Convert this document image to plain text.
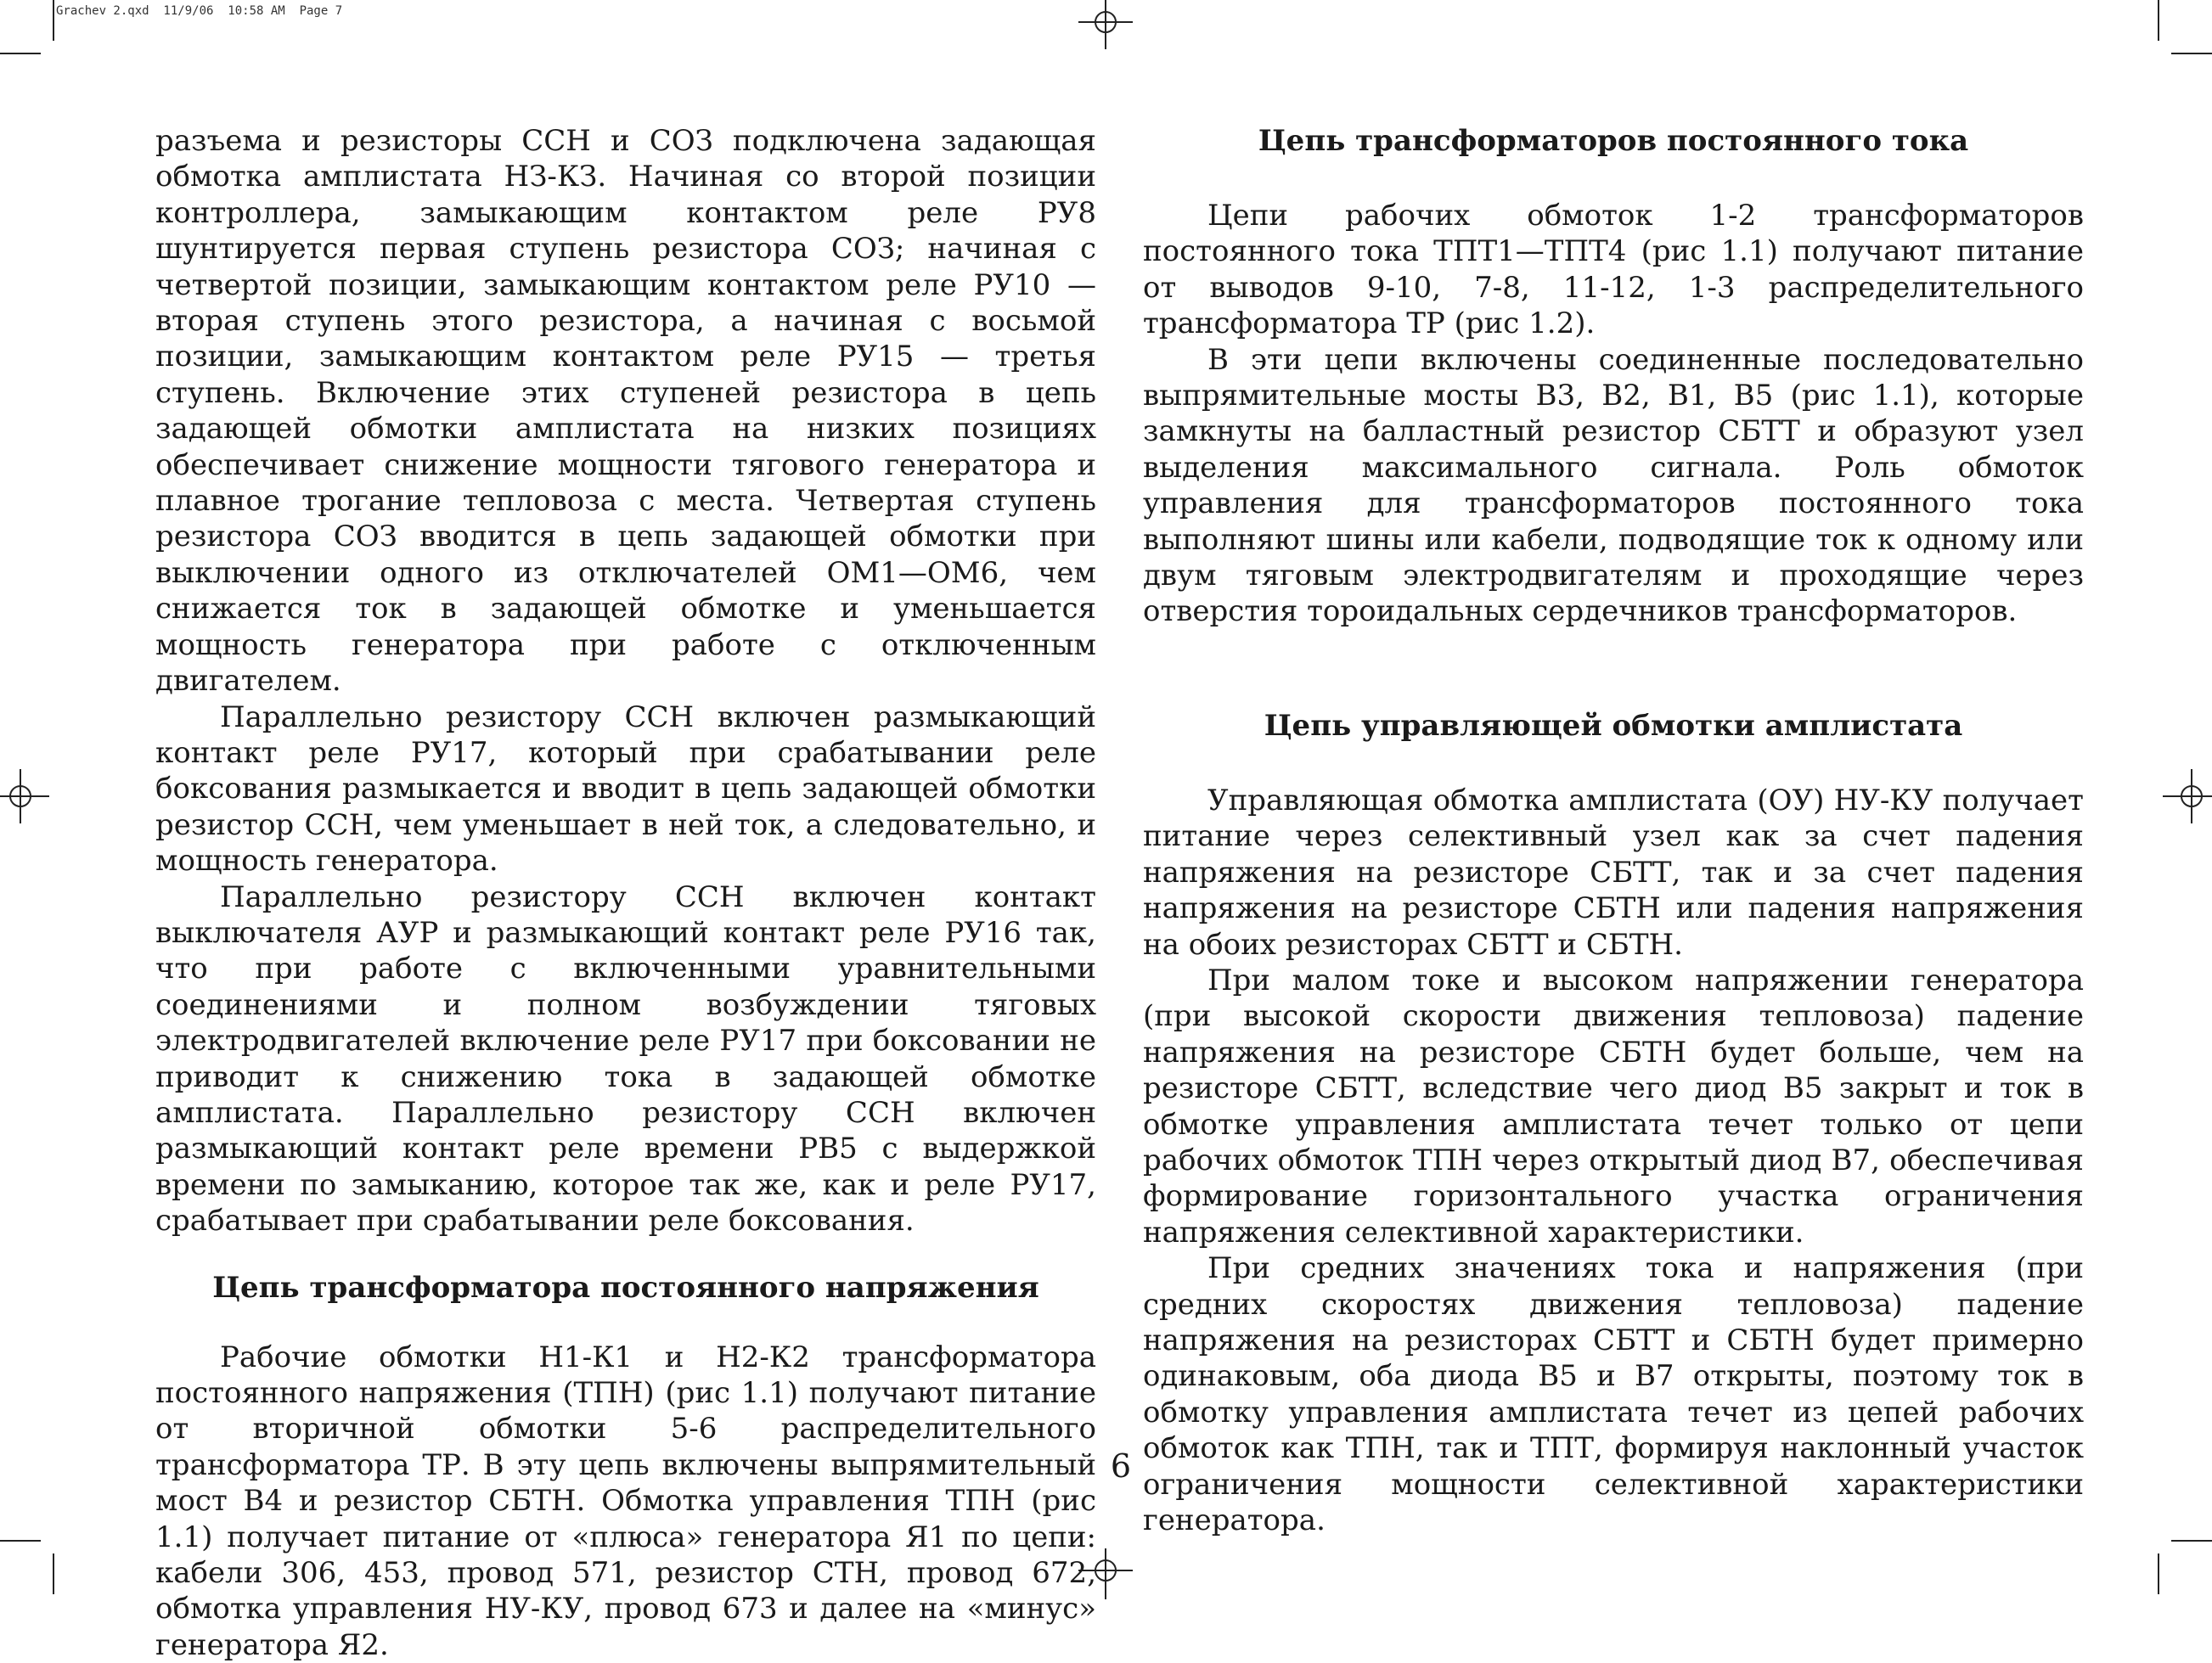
Grachev 2.qxd  11/9/06  10:58 AM  Page 7

разъема и резисторы ССН и СОЗ подключена задающая обмотка амплистата НЗ-КЗ. Начиная со второй позиции контроллера, замыкающим контактом реле РУ8 шунтируется первая ступень резистора СОЗ; начиная с четвертой позиции, замыкающим контактом реле РУ10 — вторая ступень этого резистора, а начиная с восьмой позиции, замыкающим контактом реле РУ15 — третья ступень. Включение этих ступеней резистора в цепь задающей обмотки амплистата на низких позициях обеспечивает снижение мощности тягового генератора и плавное трогание тепловоза с места. Четвертая ступень резистора СОЗ вводится в цепь задающей обмотки при выключении одного из отключателей ОМ1—ОМ6, чем снижается ток в задающей обмотке и уменьшается мощность генератора при работе с отключенным двигателем.

Параллельно резистору ССН включен размыкающий контакт реле РУ17, который при срабатывании реле боксования размыкается и вводит в цепь задающей обмотки резистор ССН, чем уменьшает в ней ток, а следовательно, и мощность генератора.

Параллельно резистору ССН включен контакт выключателя АУР и размыкающий контакт реле РУ16 так, что при работе с включенными уравнительными соединениями и полном возбуждении тяговых электродвигателей включение реле РУ17 при боксовании не приводит к снижению тока в задающей обмотке амплистата. Параллельно резистору ССН включен размыкающий контакт реле времени РВ5 с выдержкой времени по замыканию, которое так же, как и реле РУ17, срабатывает при срабатывании реле боксования.

Цепь трансформатора постоянного напряжения

Рабочие обмотки Н1-К1 и Н2-К2 трансформатора постоянного напряжения (ТПН) (рис 1.1) получают питание от вторичной обмотки 5-6 распределительного трансформатора ТР. В эту цепь включены выпрямительный мост В4 и резистор СБТН. Обмотка управления ТПН (рис 1.1) получает питание от «плюса» генератора Я1 по цепи: кабели 306, 453, провод 571, резистор СТН, провод 672, обмотка управления НУ-КУ, провод 673 и далее на «минус» генератора Я2.

Цепь трансформаторов постоянного тока

Цепи рабочих обмоток 1-2 трансформаторов постоянного тока ТПТ1—ТПТ4 (рис 1.1) получают питание от выводов 9-10, 7-8, 11-12, 1-3 распределительного трансформатора ТР (рис 1.2).

В эти цепи включены соединенные последовательно выпрямительные мосты В3, В2, В1, В5 (рис 1.1), которые замкнуты на балластный резистор СБТТ и образуют узел выделения максимального сигнала. Роль обмоток управления для трансформаторов постоянного тока выполняют шины или кабели, подводящие ток к одному или двум тяговым электродвигателям и проходящие через отверстия тороидальных сердечников трансформаторов.

Цепь управляющей обмотки амплистата

Управляющая обмотка амплистата (ОУ) НУ-КУ получает питание через селективный узел как за счет падения напряжения на резисторе СБТТ, так и за счет падения напряжения на резисторе СБТН или падения напряжения на обоих резисторах СБТТ и СБТН.

При малом токе и высоком напряжении генератора (при высокой скорости движения тепловоза) падение напряжения на резисторе СБТН будет больше, чем на резисторе СБТТ, вследствие чего диод В5 закрыт и ток в обмотке управления амплистата течет только от цепи рабочих обмоток ТПН через открытый диод В7, обеспечивая формирование горизонтального участка ограничения напряжения селективной характеристики.

При средних значениях тока и напряжения (при средних скоростях движения тепловоза) падение напряжения на резисторах СБТТ и СБТН будет примерно одинаковым, оба диода В5 и В7 открыты, поэтому ток в обмотку управления амплистата течет из цепей рабочих обмоток как ТПН, так и ТПТ, формируя наклонный участок ограничения мощности селективной характеристики генератора.

6
